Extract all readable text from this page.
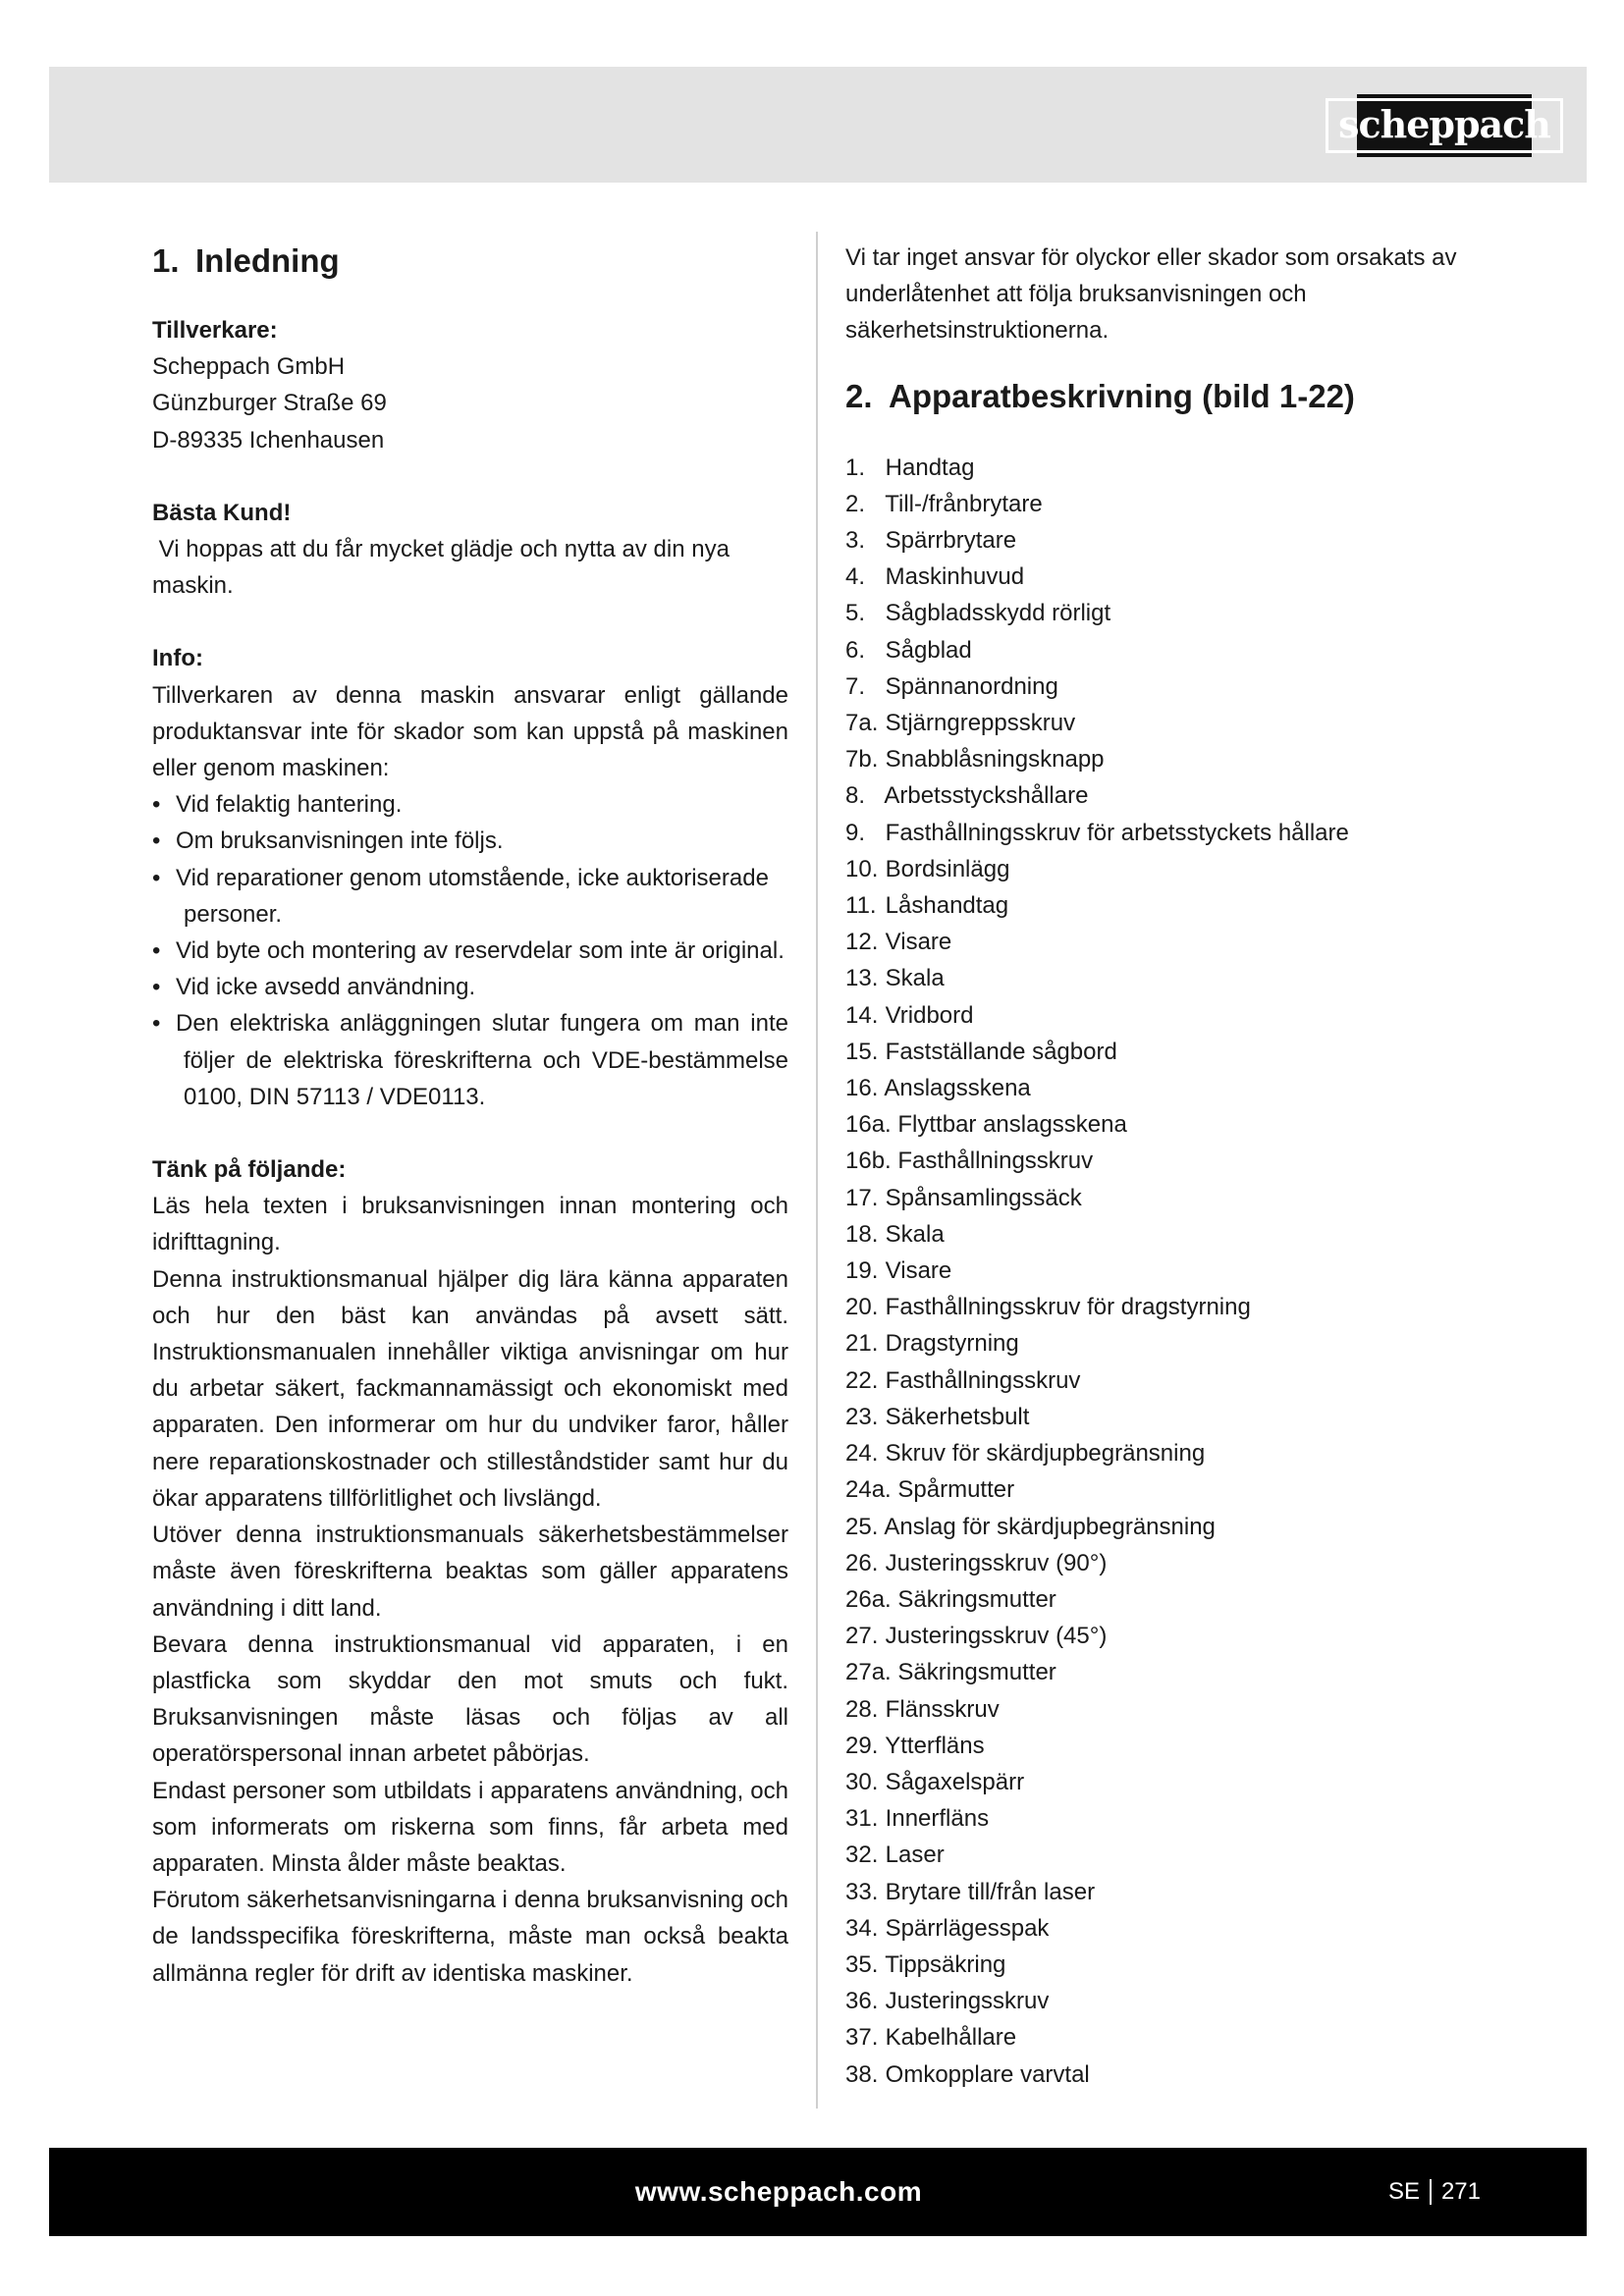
scheppach
1. Inledning

Tillverkare:

Scheppach GmbH

Günzburger Straße 69

D-89335 Ichenhausen

Bästa Kund!

Vi hoppas att du får mycket glädje och nytta av din nya maskin.

Info:

Tillverkaren av denna maskin ansvarar enligt gällande produktansvar inte för skador som kan uppstå på maskinen eller genom maskinen:

• Vid felaktig hantering.
• Om bruksanvisningen inte följs.
• Vid reparationer genom utomstående, icke auktoriserade personer.
• Vid byte och montering av reservdelar som inte är original.
• Vid icke avsedd användning.
• Den elektriska anläggningen slutar fungera om man inte följer de elektriska föreskrifterna och VDE-bestämmelse 0100, DIN 57113 / VDE0113.

Tänk på följande:

Läs hela texten i bruksanvisningen innan montering och idrifttagning.

Denna instruktionsmanual hjälper dig lära känna apparaten och hur den bäst kan användas på avsett sätt. Instruktionsmanualen innehåller viktiga anvisningar om hur du arbetar säkert, fackmannamässigt och ekonomiskt med apparaten. Den informerar om hur du undviker faror, håller nere reparationskostnader och stilleståndstider samt hur du ökar apparatens tillförlitlighet och livslängd.

Utöver denna instruktionsmanuals säkerhetsbestämmelser måste även föreskrifterna beaktas som gäller apparatens användning i ditt land.

Bevara denna instruktionsmanual vid apparaten, i en plastficka som skyddar den mot smuts och fukt. Bruksanvisningen måste läsas och följas av all operatörspersonal innan arbetet påbörjas.

Endast personer som utbildats i apparatens användning, och som informerats om riskerna som finns, får arbeta med apparaten. Minsta ålder måste beaktas.

Förutom säkerhetsanvisningarna i denna bruksanvisning och de landsspecifika föreskrifterna, måste man också beakta allmänna regler för drift av identiska maskiner.

Vi tar inget ansvar för olyckor eller skador som orsakats av underlåtenhet att följa bruksanvisningen och säkerhetsinstruktionerna.

2. Apparatbeskrivning (bild 1-22)
1. Handtag
2. Till-/frånbrytare
3. Spärrbrytare
4. Maskinhuvud
5. Sågbladsskydd rörligt
6. Sågblad
7. Spännanordning
7a. Stjärngreppsskruv
7b. Snabblåsningsknapp
8. Arbetsstyckshållare
9. Fasthållningsskruv för arbetsstyckets hållare
10. Bordsinlägg
11. Låshandtag
12. Visare
13. Skala
14. Vridbord
15. Fastställande sågbord
16. Anslagsskena
16a. Flyttbar anslagsskena
16b. Fasthållningsskruv
17. Spånsamlingssäck
18. Skala
19. Visare
20. Fasthållningsskruv för dragstyrning
21. Dragstyrning
22. Fasthållningsskruv
23. Säkerhetsbult
24. Skruv för skärdjupbegränsning
24a. Spårmutter
25. Anslag för skärdjupbegränsning
26. Justeringsskruv (90°)
26a. Säkringsmutter
27. Justeringsskruv (45°)
27a. Säkringsmutter
28. Flänsskruv
29. Ytterfläns
30. Sågaxelspärr
31. Innerfläns
32. Laser
33. Brytare till/från laser
34. Spärrlägesspak
35. Tippsäkring
36. Justeringsskruv
37. Kabelhållare
38. Omkopplare varvtal
www.scheppach.com	SE 271
